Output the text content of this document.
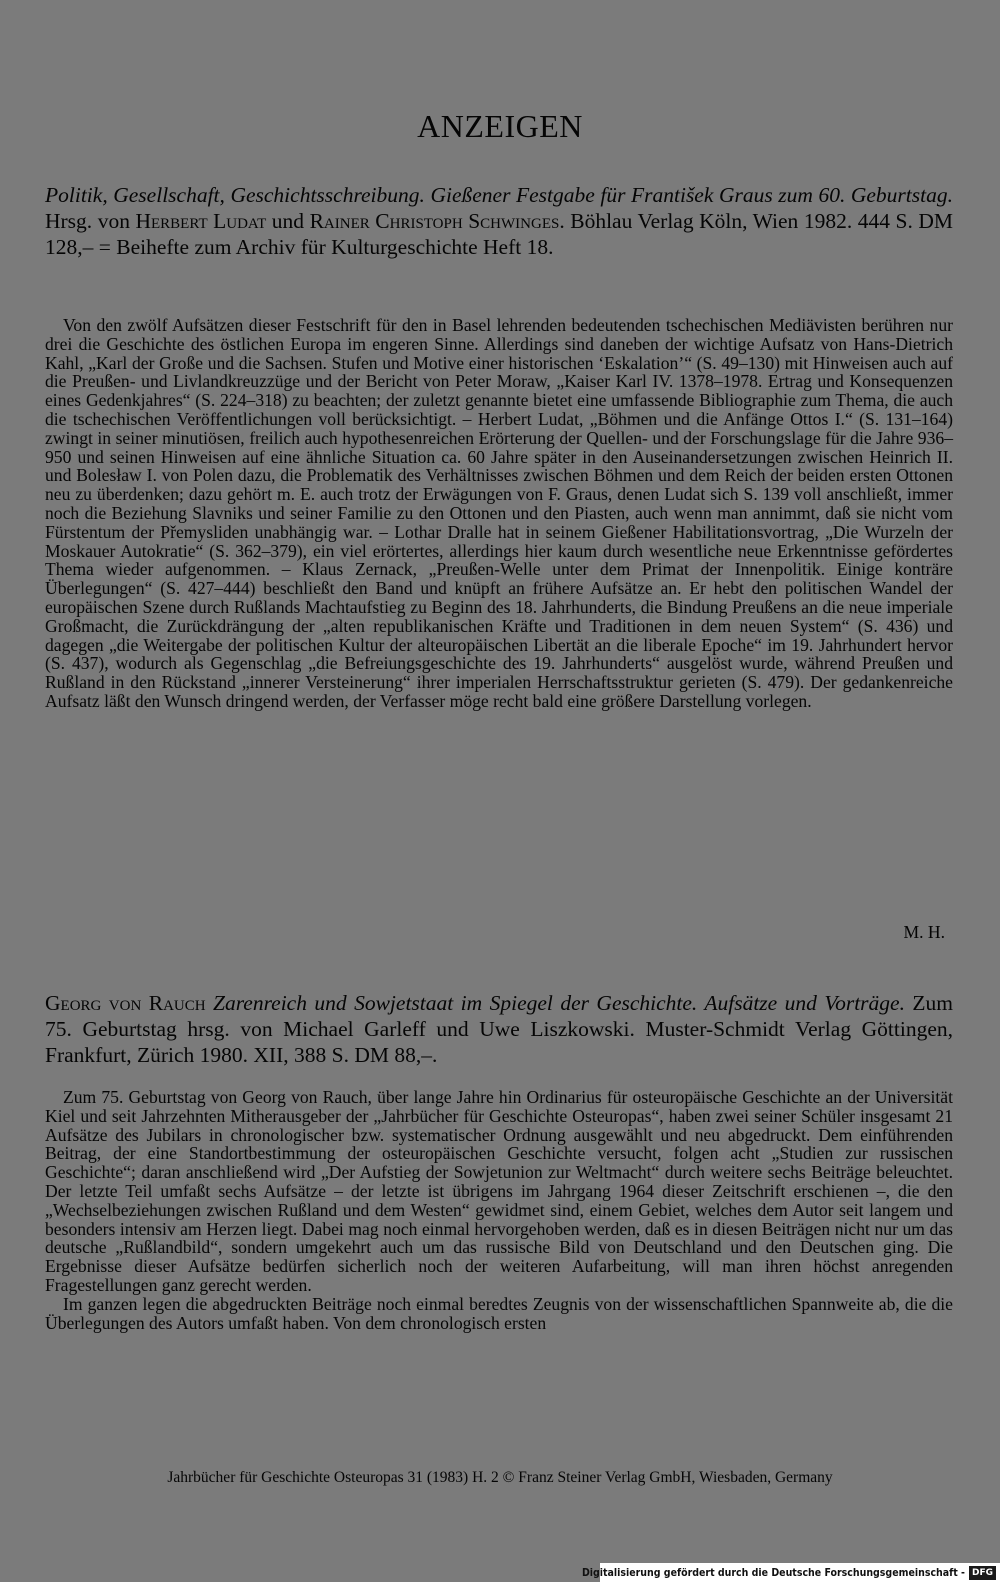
ANZEIGEN
Politik, Gesellschaft, Geschichtsschreibung. Gießener Festgabe für František Graus zum 60. Geburtstag. Hrsg. von Herbert Ludat und Rainer Christoph Schwinges. Böhlau Verlag Köln, Wien 1982. 444 S. DM 128,– = Beihefte zum Archiv für Kulturgeschichte Heft 18.

Von den zwölf Aufsätzen dieser Festschrift für den in Basel lehrenden bedeutenden tschechischen Mediävisten berühren nur drei die Geschichte des östlichen Europa im engeren Sinne. Allerdings sind daneben der wichtige Aufsatz von Hans-Dietrich Kahl, „Karl der Große und die Sachsen. Stufen und Motive einer historischen ‘Eskalation’“ (S. 49–130) mit Hinweisen auch auf die Preußen- und Livlandkreuzzüge und der Bericht von Peter Moraw, „Kaiser Karl IV. 1378–1978. Ertrag und Konsequenzen eines Gedenkjahres“ (S. 224–318) zu beachten; der zuletzt genannte bietet eine umfassende Bibliographie zum Thema, die auch die tschechischen Veröffentlichungen voll berücksichtigt. – Herbert Ludat, „Böhmen und die Anfänge Ottos I.“ (S. 131–164) zwingt in seiner minutiösen, freilich auch hypothesenreichen Erörterung der Quellen- und der Forschungslage für die Jahre 936–950 und seinen Hinweisen auf eine ähnliche Situation ca. 60 Jahre später in den Auseinandersetzungen zwischen Heinrich II. und Bolesław I. von Polen dazu, die Problematik des Verhältnisses zwischen Böhmen und dem Reich der beiden ersten Ottonen neu zu überdenken; dazu gehört m. E. auch trotz der Erwägungen von F. Graus, denen Ludat sich S. 139 voll anschließt, immer noch die Beziehung Slavniks und seiner Familie zu den Ottonen und den Piasten, auch wenn man annimmt, daß sie nicht vom Fürstentum der Přemysliden unabhängig war. – Lothar Dralle hat in seinem Gießener Habilitationsvortrag, „Die Wurzeln der Moskauer Autokratie“ (S. 362–379), ein viel erörtertes, allerdings hier kaum durch wesentliche neue Erkenntnisse gefördertes Thema wieder aufgenommen. – Klaus Zernack, „Preußen-Welle unter dem Primat der Innenpolitik. Einige konträre Überlegungen“ (S. 427–444) beschließt den Band und knüpft an frühere Aufsätze an. Er hebt den politischen Wandel der europäischen Szene durch Rußlands Machtaufstieg zu Beginn des 18. Jahrhunderts, die Bindung Preußens an die neue imperiale Großmacht, die Zurückdrängung der „alten republikanischen Kräfte und Traditionen in dem neuen System“ (S. 436) und dagegen „die Weitergabe der politischen Kultur der alteuropäischen Libertät an die liberale Epoche“ im 19. Jahrhundert hervor (S. 437), wodurch als Gegenschlag „die Befreiungsgeschichte des 19. Jahrhunderts“ ausgelöst wurde, während Preußen und Rußland in den Rückstand „innerer Versteinerung“ ihrer imperialen Herrschaftsstruktur gerieten (S. 479). Der gedankenreiche Aufsatz läßt den Wunsch dringend werden, der Verfasser möge recht bald eine größere Darstellung vorlegen.

M. H.
Georg von Rauch Zarenreich und Sowjetstaat im Spiegel der Geschichte. Aufsätze und Vorträge. Zum 75. Geburtstag hrsg. von Michael Garleff und Uwe Liszkowski. Muster-Schmidt Verlag Göttingen, Frankfurt, Zürich 1980. XII, 388 S. DM 88,–.

Zum 75. Geburtstag von Georg von Rauch, über lange Jahre hin Ordinarius für osteuropäische Geschichte an der Universität Kiel und seit Jahrzehnten Mitherausgeber der „Jahrbücher für Geschichte Osteuropas“, haben zwei seiner Schüler insgesamt 21 Aufsätze des Jubilars in chronologischer bzw. systematischer Ordnung ausgewählt und neu abgedruckt. Dem einführenden Beitrag, der eine Standortbestimmung der osteuropäischen Geschichte versucht, folgen acht „Studien zur russischen Geschichte“; daran anschließend wird „Der Aufstieg der Sowjetunion zur Weltmacht“ durch weitere sechs Beiträge beleuchtet. Der letzte Teil umfaßt sechs Aufsätze – der letzte ist übrigens im Jahrgang 1964 dieser Zeitschrift erschienen –, die den „Wechselbeziehungen zwischen Rußland und dem Westen“ gewidmet sind, einem Gebiet, welches dem Autor seit langem und besonders intensiv am Herzen liegt. Dabei mag noch einmal hervorgehoben werden, daß es in diesen Beiträgen nicht nur um das deutsche „Rußlandbild“, sondern umgekehrt auch um das russische Bild von Deutschland und den Deutschen ging. Die Ergebnisse dieser Aufsätze bedürfen sicherlich noch der weiteren Aufarbeitung, will man ihren höchst anregenden Fragestellungen ganz gerecht werden.

Im ganzen legen die abgedruckten Beiträge noch einmal beredtes Zeugnis von der wissenschaftlichen Spannweite ab, die die Überlegungen des Autors umfaßt haben. Von dem chronologisch ersten

Jahrbücher für Geschichte Osteuropas 31 (1983) H. 2 © Franz Steiner Verlag GmbH, Wiesbaden, Germany
Digitalisierung gefördert durch die Deutsche Forschungsgemeinschaft - DFG
